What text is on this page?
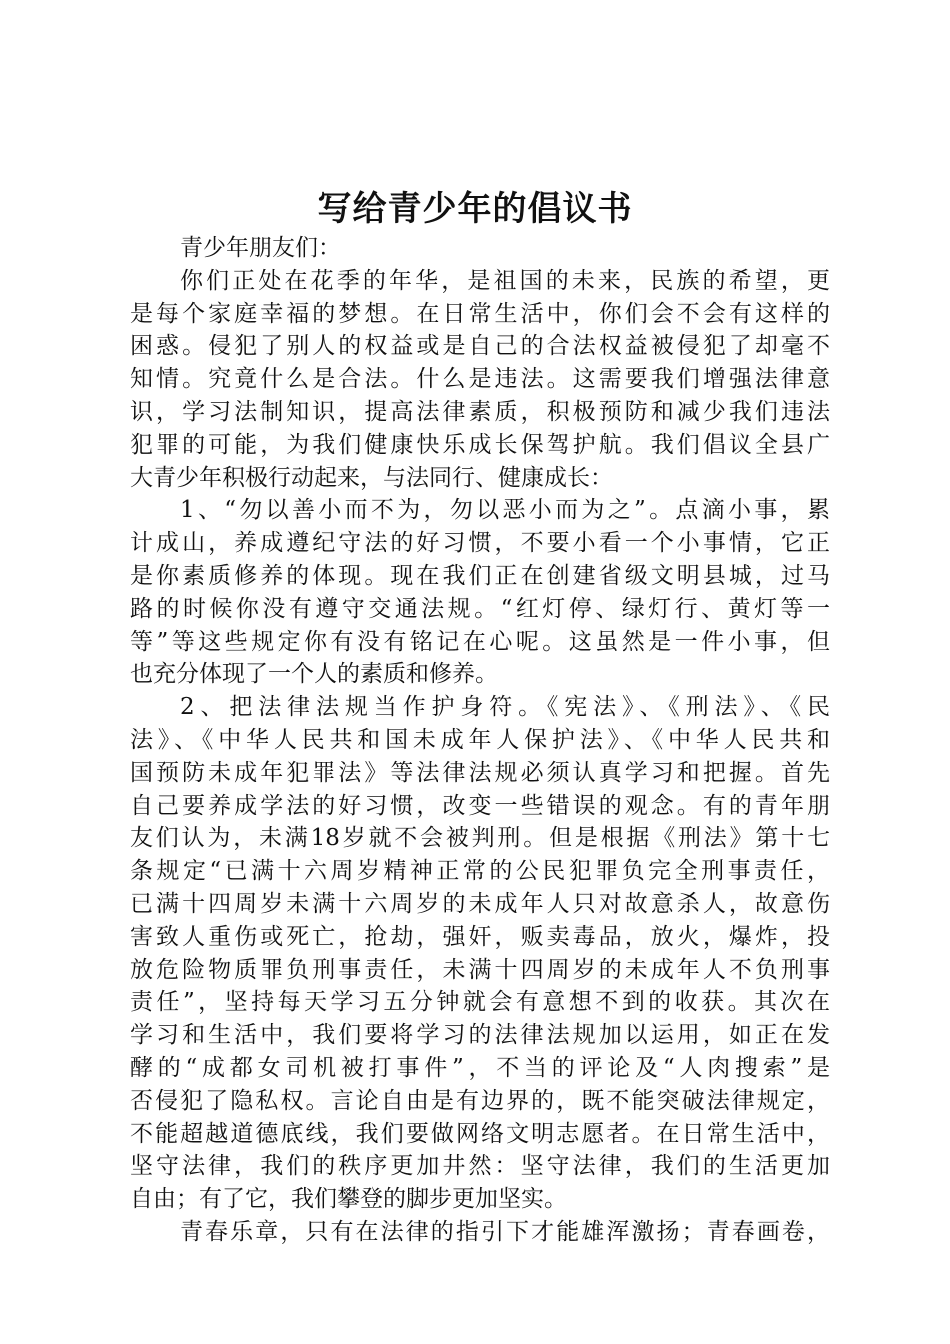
写给青少年的倡议书
青少年朋友们：
你们正处在花季的年华，是祖国的未来，民族的希望，更
是每个家庭幸福的梦想。在日常生活中，你们会不会有这样的
困惑。侵犯了别人的权益或是自己的合法权益被侵犯了却毫不
知情。究竟什么是合法。什么是违法。这需要我们增强法律意
识，学习法制知识，提高法律素质，积极预防和减少我们违法
犯罪的可能，为我们健康快乐成长保驾护航。我们倡议全县广
大青少年积极行动起来，与法同行、健康成长：
1、“勿以善小而不为，勿以恶小而为之”。点滴小事，累
计成山，养成遵纪守法的好习惯，不要小看一个小事情，它正
是你素质修养的体现。现在我们正在创建省级文明县城，过马
路的时候你没有遵守交通法规。“红灯停、绿灯行、黄灯等一
等”等这些规定你有没有铭记在心呢。这虽然是一件小事，但
也充分体现了一个人的素质和修养。
2、把法律法规当作护身符。《宪法》、《刑法》、《民
法》、《中华人民共和国未成年人保护法》、《中华人民共和
国预防未成年犯罪法》等法律法规必须认真学习和把握。首先
自己要养成学法的好习惯，改变一些错误的观念。有的青年朋
友们认为，未满18岁就不会被判刑。但是根据《刑法》第十七
条规定“已满十六周岁精神正常的公民犯罪负完全刑事责任，
已满十四周岁未满十六周岁的未成年人只对故意杀人，故意伤
害致人重伤或死亡，抢劫，强奸，贩卖毒品，放火，爆炸，投
放危险物质罪负刑事责任，未满十四周岁的未成年人不负刑事
责任”，坚持每天学习五分钟就会有意想不到的收获。其次在
学习和生活中，我们要将学习的法律法规加以运用，如正在发
酵的“成都女司机被打事件”，不当的评论及“人肉搜索”是
否侵犯了隐私权。言论自由是有边界的，既不能突破法律规定，
不能超越道德底线，我们要做网络文明志愿者。在日常生活中，
坚守法律，我们的秩序更加井然：坚守法律，我们的生活更加
自由；有了它，我们攀登的脚步更加坚实。
青春乐章，只有在法律的指引下才能雄浑激扬；青春画卷，
